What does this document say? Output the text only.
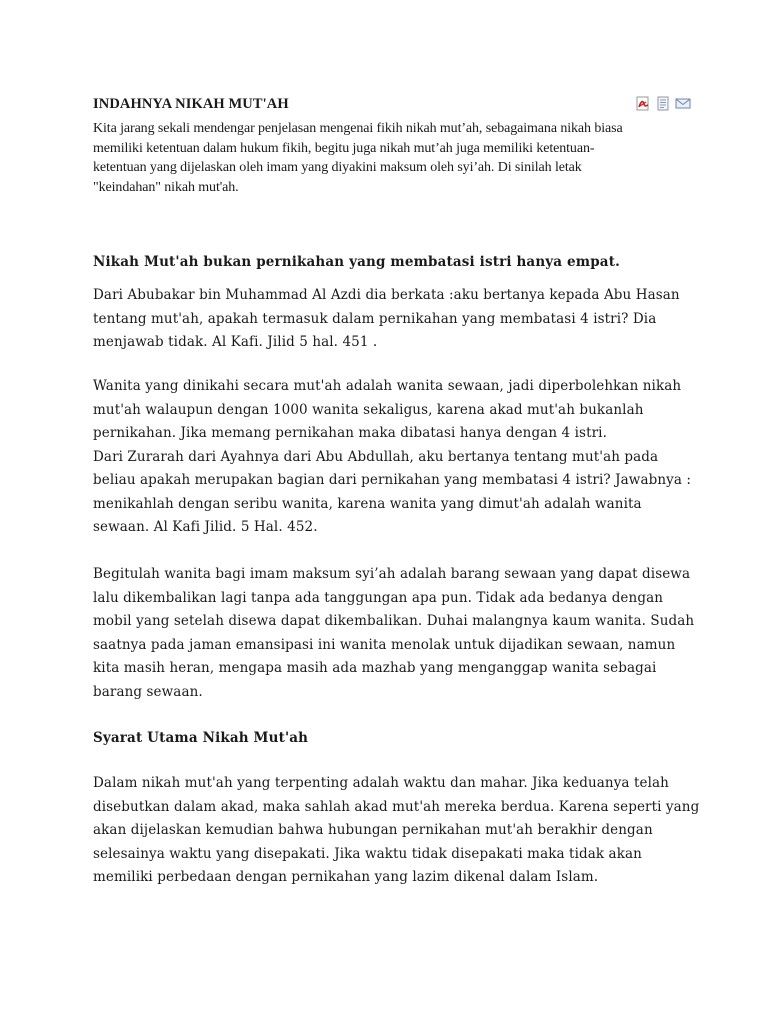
INDAHNYA NIKAH MUT'AH
Kita jarang sekali mendengar penjelasan mengenai fikih nikah mut’ah, sebagaimana nikah biasa
memiliki ketentuan dalam hukum fikih, begitu juga nikah mut’ah juga memiliki ketentuan-
ketentuan yang dijelaskan oleh imam yang diyakini maksum oleh syi’ah. Di sinilah letak
"keindahan" nikah mut'ah.
Nikah Mut'ah bukan pernikahan yang membatasi istri hanya empat.
Dari Abubakar bin Muhammad Al Azdi dia berkata :aku bertanya kepada Abu Hasan
tentang mut'ah, apakah termasuk dalam pernikahan yang membatasi 4 istri? Dia
menjawab tidak. Al Kafi. Jilid 5 hal. 451 .
Wanita yang dinikahi secara mut'ah adalah wanita sewaan, jadi diperbolehkan nikah
mut'ah walaupun dengan 1000 wanita sekaligus, karena akad mut'ah bukanlah
pernikahan. Jika memang pernikahan maka dibatasi hanya dengan 4 istri.
Dari Zurarah dari Ayahnya dari Abu Abdullah, aku bertanya tentang mut'ah pada
beliau apakah merupakan bagian dari pernikahan yang membatasi 4 istri? Jawabnya :
menikahlah dengan seribu wanita, karena wanita yang dimut'ah adalah wanita
sewaan. Al Kafi Jilid. 5 Hal. 452.
Begitulah wanita bagi imam maksum syi’ah adalah barang sewaan yang dapat disewa
lalu dikembalikan lagi tanpa ada tanggungan apa pun. Tidak ada bedanya dengan
mobil yang setelah disewa dapat dikembalikan. Duhai malangnya kaum wanita. Sudah
saatnya pada jaman emansipasi ini wanita menolak untuk dijadikan sewaan, namun
kita masih heran, mengapa masih ada mazhab yang menganggap wanita sebagai
barang sewaan.
Syarat Utama Nikah Mut'ah
Dalam nikah mut'ah yang terpenting adalah waktu dan mahar. Jika keduanya telah
disebutkan dalam akad, maka sahlah akad mut'ah mereka berdua. Karena seperti yang
akan dijelaskan kemudian bahwa hubungan pernikahan mut'ah berakhir dengan
selesainya waktu yang disepakati. Jika waktu tidak disepakati maka tidak akan
memiliki perbedaan dengan pernikahan yang lazim dikenal dalam Islam.
